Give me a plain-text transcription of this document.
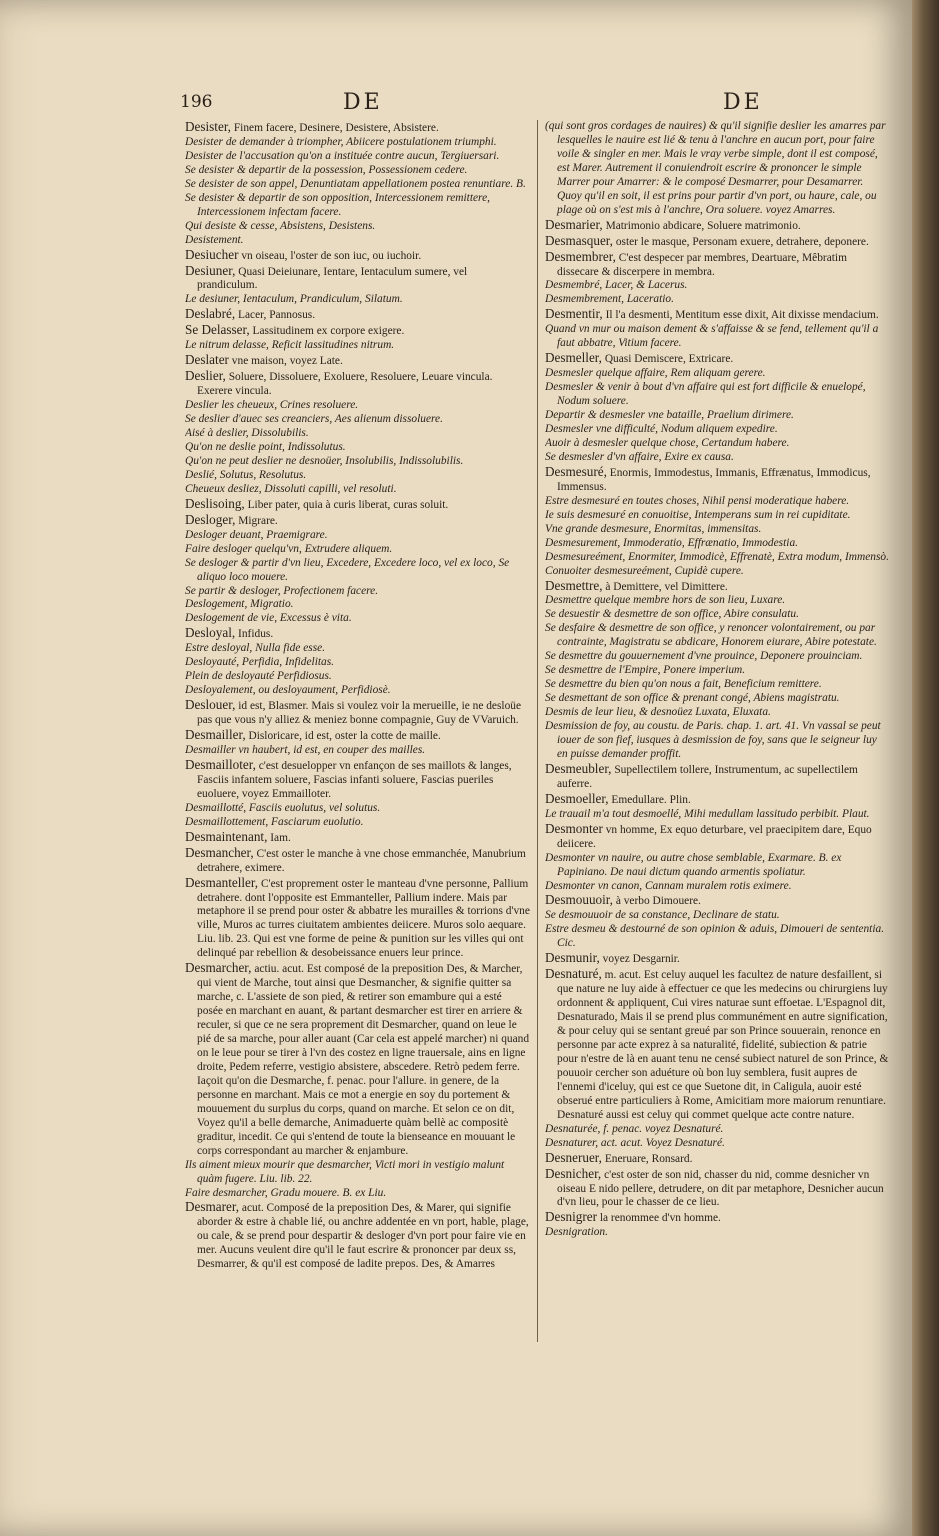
196	DE	DE

Desister, Finem facere, Desinere, Desistere, Absistere.

Desister de demander à triompher, Abiicere postulationem triumphi.

Desister de l'accusation qu'on a instituée contre aucun, Tergiuersari.

Se desister & departir de la possession, Possessionem cedere.

Se desister de son appel, Denuntiatam appellationem postea renuntiare. B.

Se desister & departir de son opposition, Intercessionem remittere, Intercessionem infectam facere.

Qui desiste & cesse, Absistens, Desistens.

Desistement.

Desiucher vn oiseau, l'oster de son iuc, ou iuchoir.

Desiuner, Quasi Deieiunare, Ientare, Ientaculum sumere, vel prandiculum.

Le desiuner, Ientaculum, Prandiculum, Silatum.

Deslabré, Lacer, Pannosus.

Se Delasser, Lassitudinem ex corpore exigere.

Le nitrum delasse, Reficit lassitudines nitrum.

Deslater vne maison, voyez Late.

Deslier, Soluere, Dissoluere, Exoluere, Resoluere, Leuare vincula. Exerere vincula.

Deslier les cheueux, Crines resoluere.

Se deslier d'auec ses creanciers, Aes alienum dissoluere.

Aisé à deslier, Dissolubilis.

Qu'on ne deslie point, Indissolutus.

Qu'on ne peut deslier ne desnoüer, Insolubilis, Indissolubilis.

Deslié, Solutus, Resolutus.

Cheueux desliez, Dissoluti capilli, vel resoluti.

Deslisoing, Liber pater, quia à curis liberat, curas soluit.

Desloger, Migrare.

Desloger deuant, Praemigrare.

Faire desloger quelqu'vn, Extrudere aliquem.

Se desloger & partir d'vn lieu, Excedere, Excedere loco, vel ex loco, Se aliquo loco mouere.

Se partir & desloger, Profectionem facere.

Deslogement, Migratio.

Deslogement de vie, Excessus è vita.

Desloyal, Infidus.

Estre desloyal, Nulla fide esse.

Desloyauté, Perfidia, Infidelitas.

Plein de desloyauté Perfidiosus.

Desloyalement, ou desloyaument, Perfidiosè.

Deslouer, id est, Blasmer. Mais si voulez voir la merueille, ie ne desloüe pas que vous n'y alliez & meniez bonne compagnie, Guy de VVaruich.

Desmailler, Disloricare, id est, oster la cotte de maille.

Desmailler vn haubert, id est, en couper des mailles.

Desmailloter, c'est desuelopper vn enfançon de ses maillots & langes, Fasciis infantem soluere, Fascias infanti soluere, Fascias pueriles euoluere, voyez Emmailloter.

Desmaillotté, Fasciis euolutus, vel solutus.

Desmaillottement, Fasciarum euolutio.

Desmaintenant, Iam.

Desmancher, C'est oster le manche à vne chose emmanchée, Manubrium detrahere, eximere.

Desmanteller, C'est proprement oster le manteau d'vne personne, Pallium detrahere. dont l'opposite est Emmanteller, Pallium indere. Mais par metaphore il se prend pour oster & abbatre les murailles & torrions d'vne ville, Muros ac turres ciuitatem ambientes deiicere. Muros solo aequare. Liu. lib. 23. Qui est vne forme de peine & punition sur les villes qui ont delinqué par rebellion & desobeissance enuers leur prince.

Desmarcher, actiu. acut. Est composé de la preposition Des, & Marcher, qui vient de Marche, tout ainsi que Desmancher, & signifie quitter sa marche, c. L'assiete de son pied, & retirer son emambure qui a esté posée en marchant en auant, & partant desmarcher est tirer en arriere & reculer, si que ce ne sera proprement dit Desmarcher, quand on leue le pié de sa marche, pour aller auant (Car cela est appelé marcher) ni quand on le leue pour se tirer à l'vn des costez en ligne trauersale, ains en ligne droite, Pedem referre, vestigio absistere, abscedere. Retrò pedem ferre. Iaçoit qu'on die Desmarche, f. penac. pour l'allure. in genere, de la personne en marchant. Mais ce mot a energie en soy du portement & mouuement du surplus du corps, quand on marche. Et selon ce on dit, Voyez qu'il a belle demarche, Animaduerte quàm bellè ac compositè graditur, incedit. Ce qui s'entend de toute la bienseance en mouuant le corps correspondant au marcher & enjambure.

Ils aiment mieux mourir que desmarcher, Victi mori in vestigio malunt quàm fugere. Liu. lib. 22.

Faire desmarcher, Gradu mouere. B. ex Liu.

Desmarer, acut. Composé de la preposition Des, & Marer, qui signifie aborder & estre à chable lié, ou anchre addentée en vn port, hable, plage, ou cale, & se prend pour despartir & desloger d'vn port pour faire vie en mer. Aucuns veulent dire qu'il le faut escrire & prononcer par deux ss, Desmarrer, & qu'il est composé de ladite prepos. Des, & Amarres

(qui sont gros cordages de nauires) & qu'il signifie deslier les amarres par lesquelles le nauire est lié & tenu à l'anchre en aucun port, pour faire voile & singler en mer. Mais le vray verbe simple, dont il est composé, est Marer. Autrement il conuiendroit escrire & prononcer le simple Marrer pour Amarrer: & le composé Desmarrer, pour Desamarrer. Quoy qu'il en soit, il est prins pour partir d'vn port, ou haure, cale, ou plage où on s'est mis à l'anchre, Ora soluere. voyez Amarres.

Desmarier, Matrimonio abdicare, Soluere matrimonio.

Desmasquer, oster le masque, Personam exuere, detrahere, deponere.

Desmembrer, C'est despecer par membres, Deartuare, Mêbratim dissecare & discerpere in membra.

Desmembré, Lacer, & Lacerus.

Desmembrement, Laceratio.

Desmentir, Il l'a desmenti, Mentitum esse dixit, Ait dixisse mendacium.

Quand vn mur ou maison dement & s'affaisse & se fend, tellement qu'il a faut abbatre, Vitium facere.

Desmeller, Quasi Demiscere, Extricare.

Desmesler quelque affaire, Rem aliquam gerere.

Desmesler & venir à bout d'vn affaire qui est fort difficile & enuelopé, Nodum soluere.

Departir & desmesler vne bataille, Praelium dirimere.

Desmesler vne difficulté, Nodum aliquem expedire.

Auoir à desmesler quelque chose, Certandum habere.

Se desmesler d'vn affaire, Exire ex causa.

Desmesuré, Enormis, Immodestus, Immanis, Effrænatus, Immodicus, Immensus.

Estre desmesuré en toutes choses, Nihil pensi moderatique habere.

Ie suis desmesuré en conuoitise, Intemperans sum in rei cupiditate.

Vne grande desmesure, Enormitas, immensitas.

Desmesurement, Immoderatio, Effrænatio, Immodestia.

Desmesureément, Enormiter, Immodicè, Effrenatè, Extra modum, Immensò.

Conuoiter desmesureément, Cupidè cupere.

Desmettre, à Demittere, vel Dimittere.

Desmettre quelque membre hors de son lieu, Luxare.

Se desuestir & desmettre de son office, Abire consulatu.

Se desfaire & desmettre de son office, y renoncer volontairement, ou par contrainte, Magistratu se abdicare, Honorem eiurare, Abire potestate.

Se desmettre du gouuernement d'vne prouince, Deponere prouinciam.

Se desmettre de l'Empire, Ponere imperium.

Se desmettre du bien qu'on nous a fait, Beneficium remittere.

Se desmettant de son office & prenant congé, Abiens magistratu.

Desmis de leur lieu, & desnoüez Luxata, Eluxata.

Desmission de foy, au coustu. de Paris. chap. 1. art. 41. Vn vassal se peut iouer de son fief, iusques à desmission de foy, sans que le seigneur luy en puisse demander proffit.

Desmeubler, Supellectilem tollere, Instrumentum, ac supellectilem auferre.

Desmoeller, Emedullare. Plin.

Le trauail m'a tout desmoellé, Mihi medullam lassitudo perbibit. Plaut.

Desmonter vn homme, Ex equo deturbare, vel praecipitem dare, Equo deiicere.

Desmonter vn nauire, ou autre chose semblable, Exarmare. B. ex Papiniano. De naui dictum quando armentis spoliatur.

Desmonter vn canon, Cannam muralem rotis eximere.

Desmouuoir, à verbo Dimouere.

Se desmouuoir de sa constance, Declinare de statu.

Estre desmeu & destourné de son opinion & aduis, Dimoueri de sententia. Cic.

Desmunir, voyez Desgarnir.

Desnaturé, m. acut. Est celuy auquel les facultez de nature desfaillent, si que nature ne luy aide à effectuer ce que les medecins ou chirurgiens luy ordonnent & appliquent, Cui vires naturae sunt effoetae. L'Espagnol dit, Desnaturado, Mais il se prend plus communément en autre signification, & pour celuy qui se sentant greué par son Prince souuerain, renonce en personne par acte exprez à sa naturalité, fidelité, subiection & patrie pour n'estre de là en auant tenu ne censé subiect naturel de son Prince, & pouuoir cercher son aduéture où bon luy semblera, fusit aupres de l'ennemi d'iceluy, qui est ce que Suetone dit, in Caligula, auoir esté obserué entre particuliers à Rome, Amicitiam more maiorum renuntiare. Desnaturé aussi est celuy qui commet quelque acte contre nature.

Desnaturée, f. penac. voyez Desnaturé.

Desnaturer, act. acut. Voyez Desnaturé.

Desneruer, Eneruare, Ronsard.

Desnicher, c'est oster de son nid, chasser du nid, comme desnicher vn oiseau E nido pellere, detrudere, on dit par metaphore, Desnicher aucun d'vn lieu, pour le chasser de ce lieu.

Desnigrer la renommee d'vn homme.

Desnigration.
